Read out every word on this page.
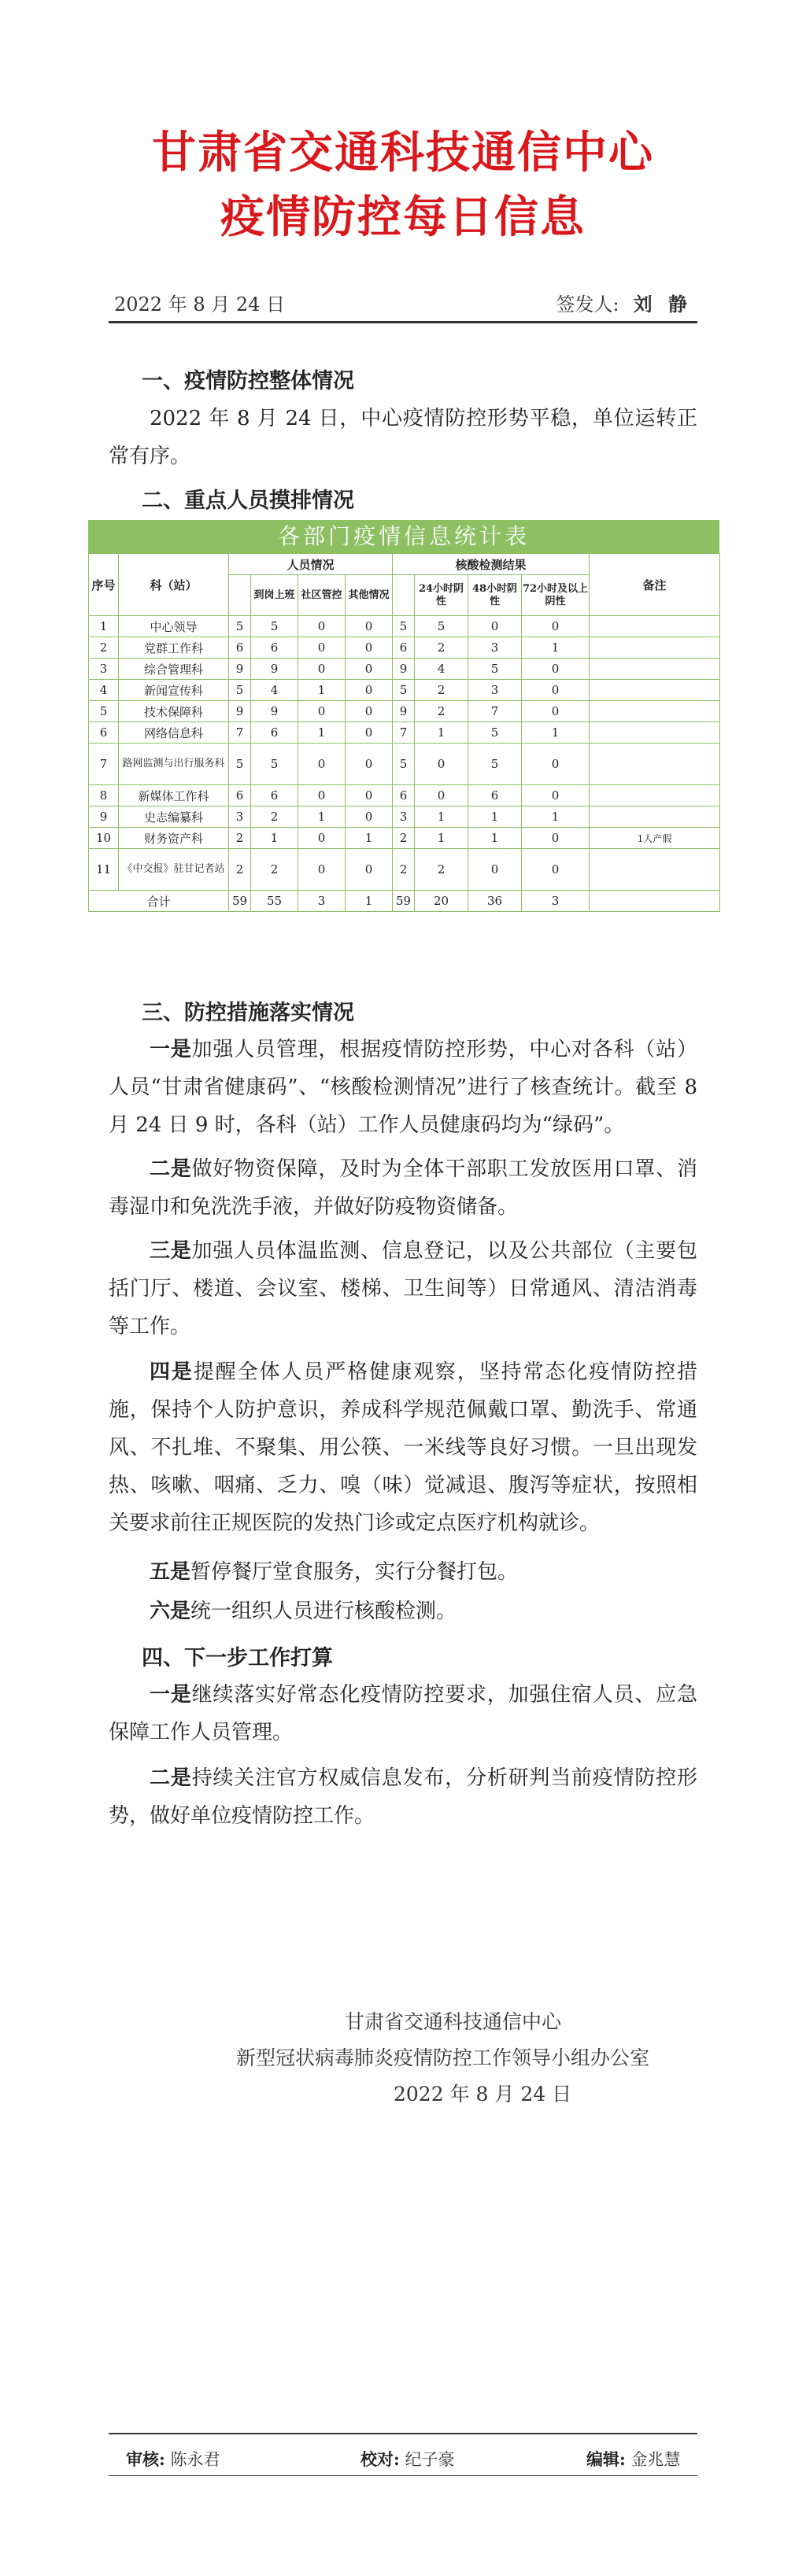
甘肃省交通科技通信中心
疫情防控每日信息
2022 年 8 月 24 日	签发人: 刘 静
一、疫情防控整体情况
2022 年 8 月 24 日，中心疫情防控形势平稳，单位运转正常有序。
二、重点人员摸排情况
各部门疫情信息统计表
序号	科（站）	人员情况				核酸检测结果				备注
			到岗上班	社区管控	其他情况		24小时阴性	48小时阴性	72小时及以上阴性	
1	中心领导	5	5	0	0	5	5	0	0	
2	党群工作科	6	6	0	0	6	2	3	1	
3	综合管理科	9	9	0	0	9	4	5	0	
4	新闻宣传科	5	4	1	0	5	2	3	0	
5	技术保障科	9	9	0	0	9	2	7	0	
6	网络信息科	7	6	1	0	7	1	5	1	
7	路网监测与出行服务科	5	5	0	0	5	0	5	0	
8	新媒体工作科	6	6	0	0	6	0	6	0	
9	史志编纂科	3	2	1	0	3	1	1	1	
10	财务资产科	2	1	0	1	2	1	1	0	1人产假
11	《中交报》驻甘记者站	2	2	0	0	2	2	0	0	
合计		59	55	3	1	59	20	36	3	
三、防控措施落实情况
一是加强人员管理，根据疫情防控形势，中心对各科（站）人员“甘肃省健康码”、“核酸检测情况”进行了核查统计。截至 8 月 24 日 9 时，各科（站）工作人员健康码均为“绿码”。
二是做好物资保障，及时为全体干部职工发放医用口罩、消毒湿巾和免洗洗手液，并做好防疫物资储备。
三是加强人员体温监测、信息登记，以及公共部位（主要包括门厅、楼道、会议室、楼梯、卫生间等）日常通风、清洁消毒等工作。
四是提醒全体人员严格健康观察，坚持常态化疫情防控措施，保持个人防护意识，养成科学规范佩戴口罩、勤洗手、常通风、不扎堆、不聚集、用公筷、一米线等良好习惯。一旦出现发热、咳嗽、咽痛、乏力、嗅（味）觉减退、腹泻等症状，按照相关要求前往正规医院的发热门诊或定点医疗机构就诊。
五是暂停餐厅堂食服务，实行分餐打包。
六是统一组织人员进行核酸检测。
四、下一步工作打算
一是继续落实好常态化疫情防控要求，加强住宿人员、应急保障工作人员管理。
二是持续关注官方权威信息发布，分析研判当前疫情防控形势，做好单位疫情防控工作。
甘肃省交通科技通信中心
新型冠状病毒肺炎疫情防控工作领导小组办公室
2022 年 8 月 24 日
审核: 陈永君	校对: 纪子豪	编辑: 金兆慧
